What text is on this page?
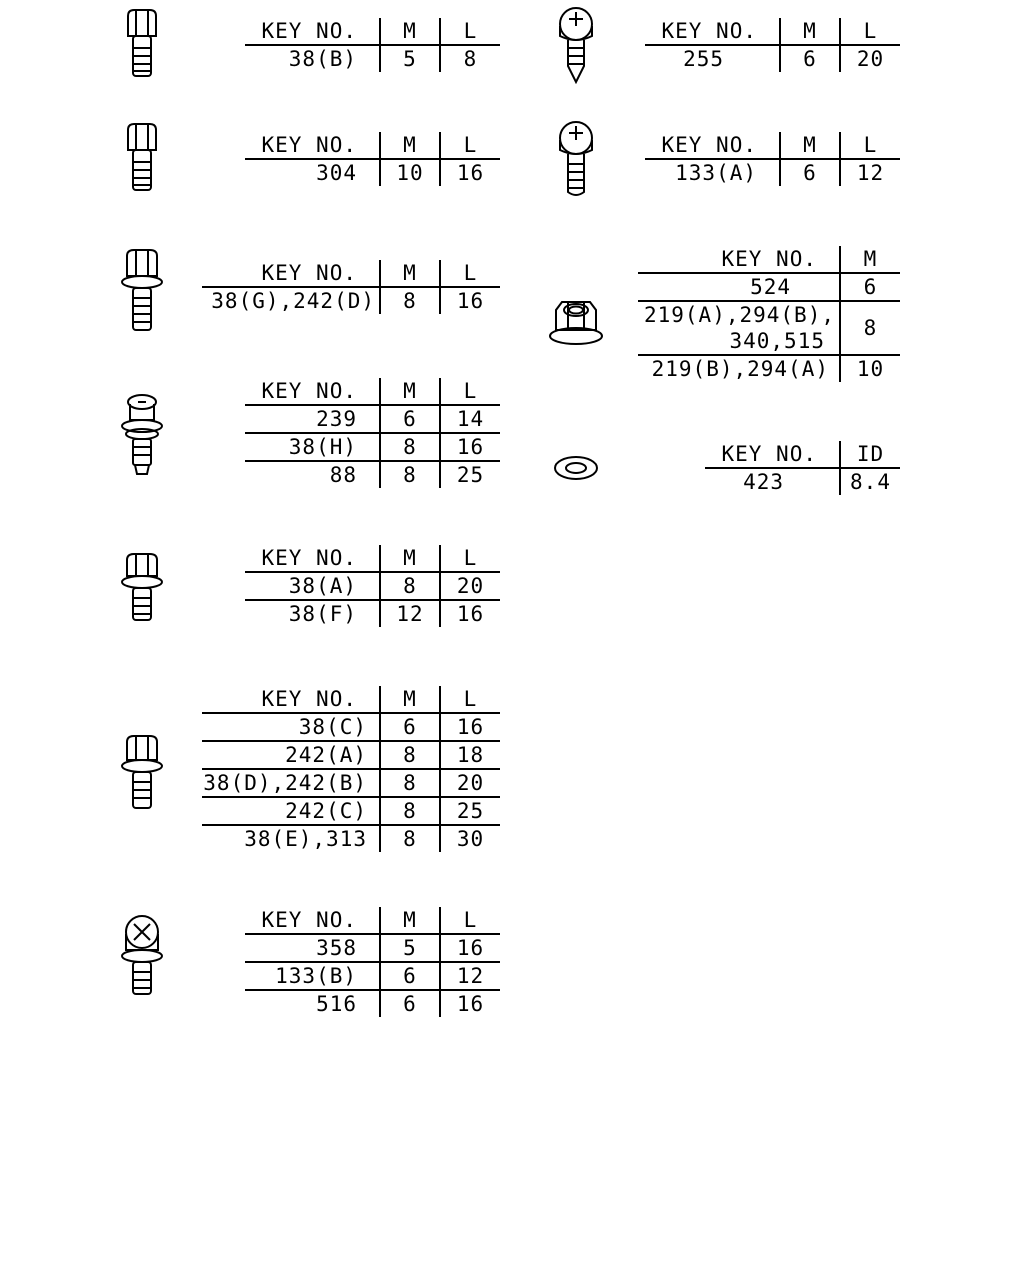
KEY NO.	M	L
38(B)	5	8
KEY NO.	M	L
304	10	16
KEY NO.	M	L
38(G),242(D)	8	16
KEY NO.	M	L
239	6	14
38(H)	8	16
88	8	25
KEY NO.	M	L
38(A)	8	20
38(F)	12	16
KEY NO.	M	L
38(C)	6	16
242(A)	8	18
38(D),242(B)	8	20
242(C)	8	25
38(E),313	8	30
KEY NO.	M	L
358	5	16
133(B)	6	12
516	6	16
KEY NO.	M	L
255	6	20
KEY NO.	M	L
133(A)	6	12
KEY NO.	M
524	6

219(A),294(B),
340,515	8
219(B),294(A)	10
KEY NO.	ID
423	8.4
